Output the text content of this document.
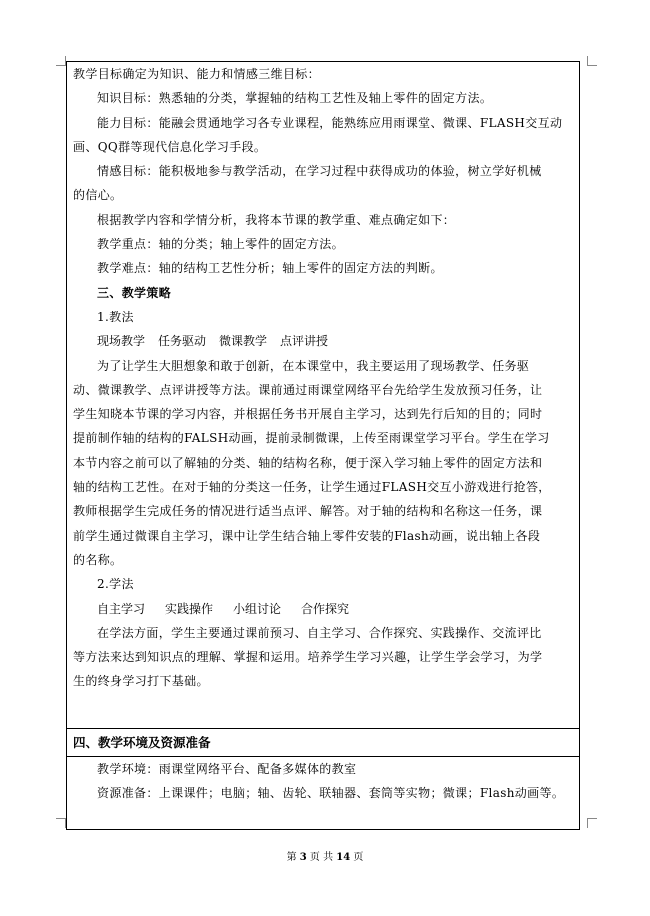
教学目标确定为知识、能力和情感三维目标：

知识目标：熟悉轴的分类，掌握轴的结构工艺性及轴上零件的固定方法。

能力目标：能融会贯通地学习各专业课程，能熟练应用雨课堂、微课、FLASH交互动

画、QQ群等现代信息化学习手段。

情感目标：能积极地参与教学活动，在学习过程中获得成功的体验，树立学好机械

的信心。

根据教学内容和学情分析，我将本节课的教学重、难点确定如下：

教学重点：轴的分类；轴上零件的固定方法。

教学难点：轴的结构工艺性分析；轴上零件的固定方法的判断。

三、教学策略

1.教法

现场教学 任务驱动 微课教学 点评讲授

为了让学生大胆想象和敢于创新，在本课堂中，我主要运用了现场教学、任务驱

动、微课教学、点评讲授等方法。课前通过雨课堂网络平台先给学生发放预习任务，让

学生知晓本节课的学习内容，并根据任务书开展自主学习，达到先行后知的目的；同时

提前制作轴的结构的FALSH动画，提前录制微课，上传至雨课堂学习平台。学生在学习

本节内容之前可以了解轴的分类、轴的结构名称，便于深入学习轴上零件的固定方法和

轴的结构工艺性。在对于轴的分类这一任务，让学生通过FLASH交互小游戏进行抢答，

教师根据学生完成任务的情况进行适当点评、解答。对于轴的结构和名称这一任务，课

前学生通过微课自主学习，课中让学生结合轴上零件安装的Flash动画，说出轴上各段

的名称。

2.学法

自主学习 实践操作 小组讨论 合作探究

在学法方面，学生主要通过课前预习、自主学习、合作探究、实践操作、交流评比

等方法来达到知识点的理解、掌握和运用。培养学生学习兴趣，让学生学会学习，为学

生的终身学习打下基础。

四、教学环境及资源准备

教学环境：雨课堂网络平台、配备多媒体的教室

资源准备：上课课件；电脑；轴、齿轮、联轴器、套筒等实物；微课；Flash动画等。

第 3 页 共 14 页
